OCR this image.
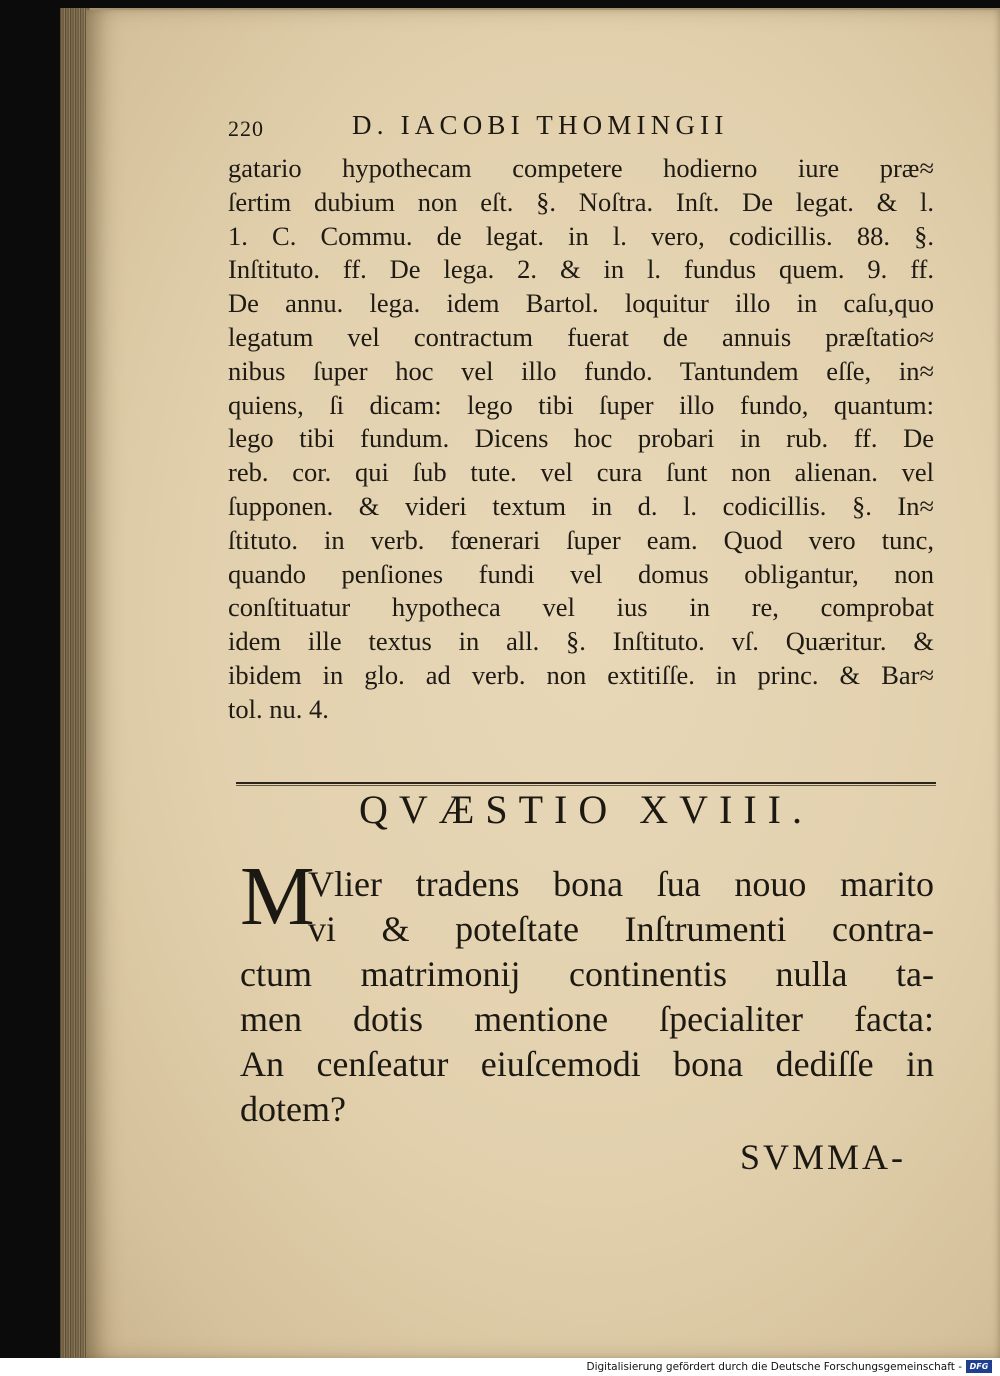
220	D. IACOBI THOMINGII
gatario hypothecam competere hodierno iure præ≈
ſertim dubium non eſt. §. Noſtra. Inſt. De legat. & l.
1. C. Commu. de legat. in l. vero, codicillis. 88. §.
Inſtituto. ff. De lega. 2. & in l. fundus quem. 9. ff.
De annu. lega. idem Bartol. loquitur illo in caſu,quo
legatum vel contractum fuerat de annuis præſtatio≈
nibus ſuper hoc vel illo fundo. Tantundem eſſe, in≈
quiens, ſi dicam: lego tibi ſuper illo fundo, quantum:
lego tibi fundum. Dicens hoc probari in rub. ff. De
reb. cor. qui ſub tute. vel cura ſunt non alienan. vel
ſupponen. & videri textum in d. l. codicillis. §. In≈
ſtituto. in verb. fœnerari ſuper eam. Quod vero tunc,
quando penſiones fundi vel domus obligantur, non
conſtituatur hypotheca vel ius in re, comprobat
idem ille textus in all. §. Inſtituto. vſ. Quæritur. &
ibidem in glo. ad verb. non extitiſſe. in princ. & Bar≈
tol. nu. 4.
QVÆSTIO XVIII.
M
Vlier tradens bona ſua nouo marito
vi & poteſtate Inſtrumenti contra-
ctum matrimonij continentis nulla ta-
men dotis mentione ſpecialiter facta:
An cenſeatur eiuſcemodi bona dediſſe in
dotem?
SVMMA-
Digitalisierung gefördert durch die Deutsche Forschungsgemeinschaft - DFG
